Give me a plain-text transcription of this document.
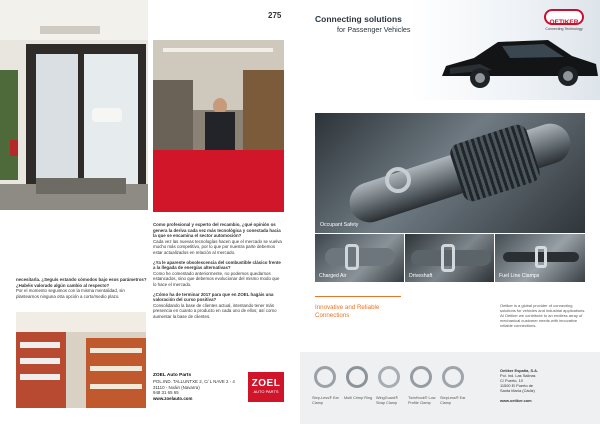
275
Como profesional y experto del recambio, ¿qué opinión os genera la deriva cada vez más tecnológica y conectada hacia la que se encamina el sector automoción?
Cada vez las nuevas tecnologías hacen que el mercado se vuelva mucho más competitivo, por lo que por nuestra parte debemos estar actualizados en relación al mercado.
¿Ya le aparente obsolescencia del combustible clásico frente a la llegada de energías alternativas?
Como he comentado anteriormente, no podemos quedarnos estancados, sino que debemos evolucionar del mismo modo que lo hace el mercado.
¿Cómo ha de terminar 2017 para que en ZOEL hagáis una valoración del curso positiva?
Consolidando la base de clientes actual, intentando tener más presencia en cuanto a producto en cada uno de ellos; así como aumentar la base de clientes.
necesitarla. ¿Seguís estando cómodos bajo esos parámetros? ¿Habéis valorado algún cambio al respecto?
Por el momento seguimos con la misma mentalidad, sin plantearnos ninguna otra opción a corto/medio plazo.
ZOEL Auto Parts
POL.IND. TALLUNTXE 2, C/ L NAVE 2 - 4
31110 - Noáin (Navarra)
948 31 65 65
www.zoelauto.com
ZOEL
AUTO PARTS
Connecting solutions
for Passenger Vehicles
OETIKER
Connecting Technology
Occupant Safety
Charged Air	Driveshaft	Fuel Line Clamps
Innovative and Reliable
Connections
Oetiker is a global provider of connecting solutions for vehicles and industrial applications. At Oetiker we contribute to an endless array of mechanical customer needs with innovative reliable connections.
Step-Less® Ear Clamp
Multi Crimp Ring	WingGuard® Strap Clamp
TwinHook® Low Profile Clamp
StepLess® Ear Clamp
Oetiker España, S.A.
Pol. Ind. Las Salinas
C/ Puerto, 10
11500 El Puerto de
Santa María (Cádiz)
www.oetiker.com
